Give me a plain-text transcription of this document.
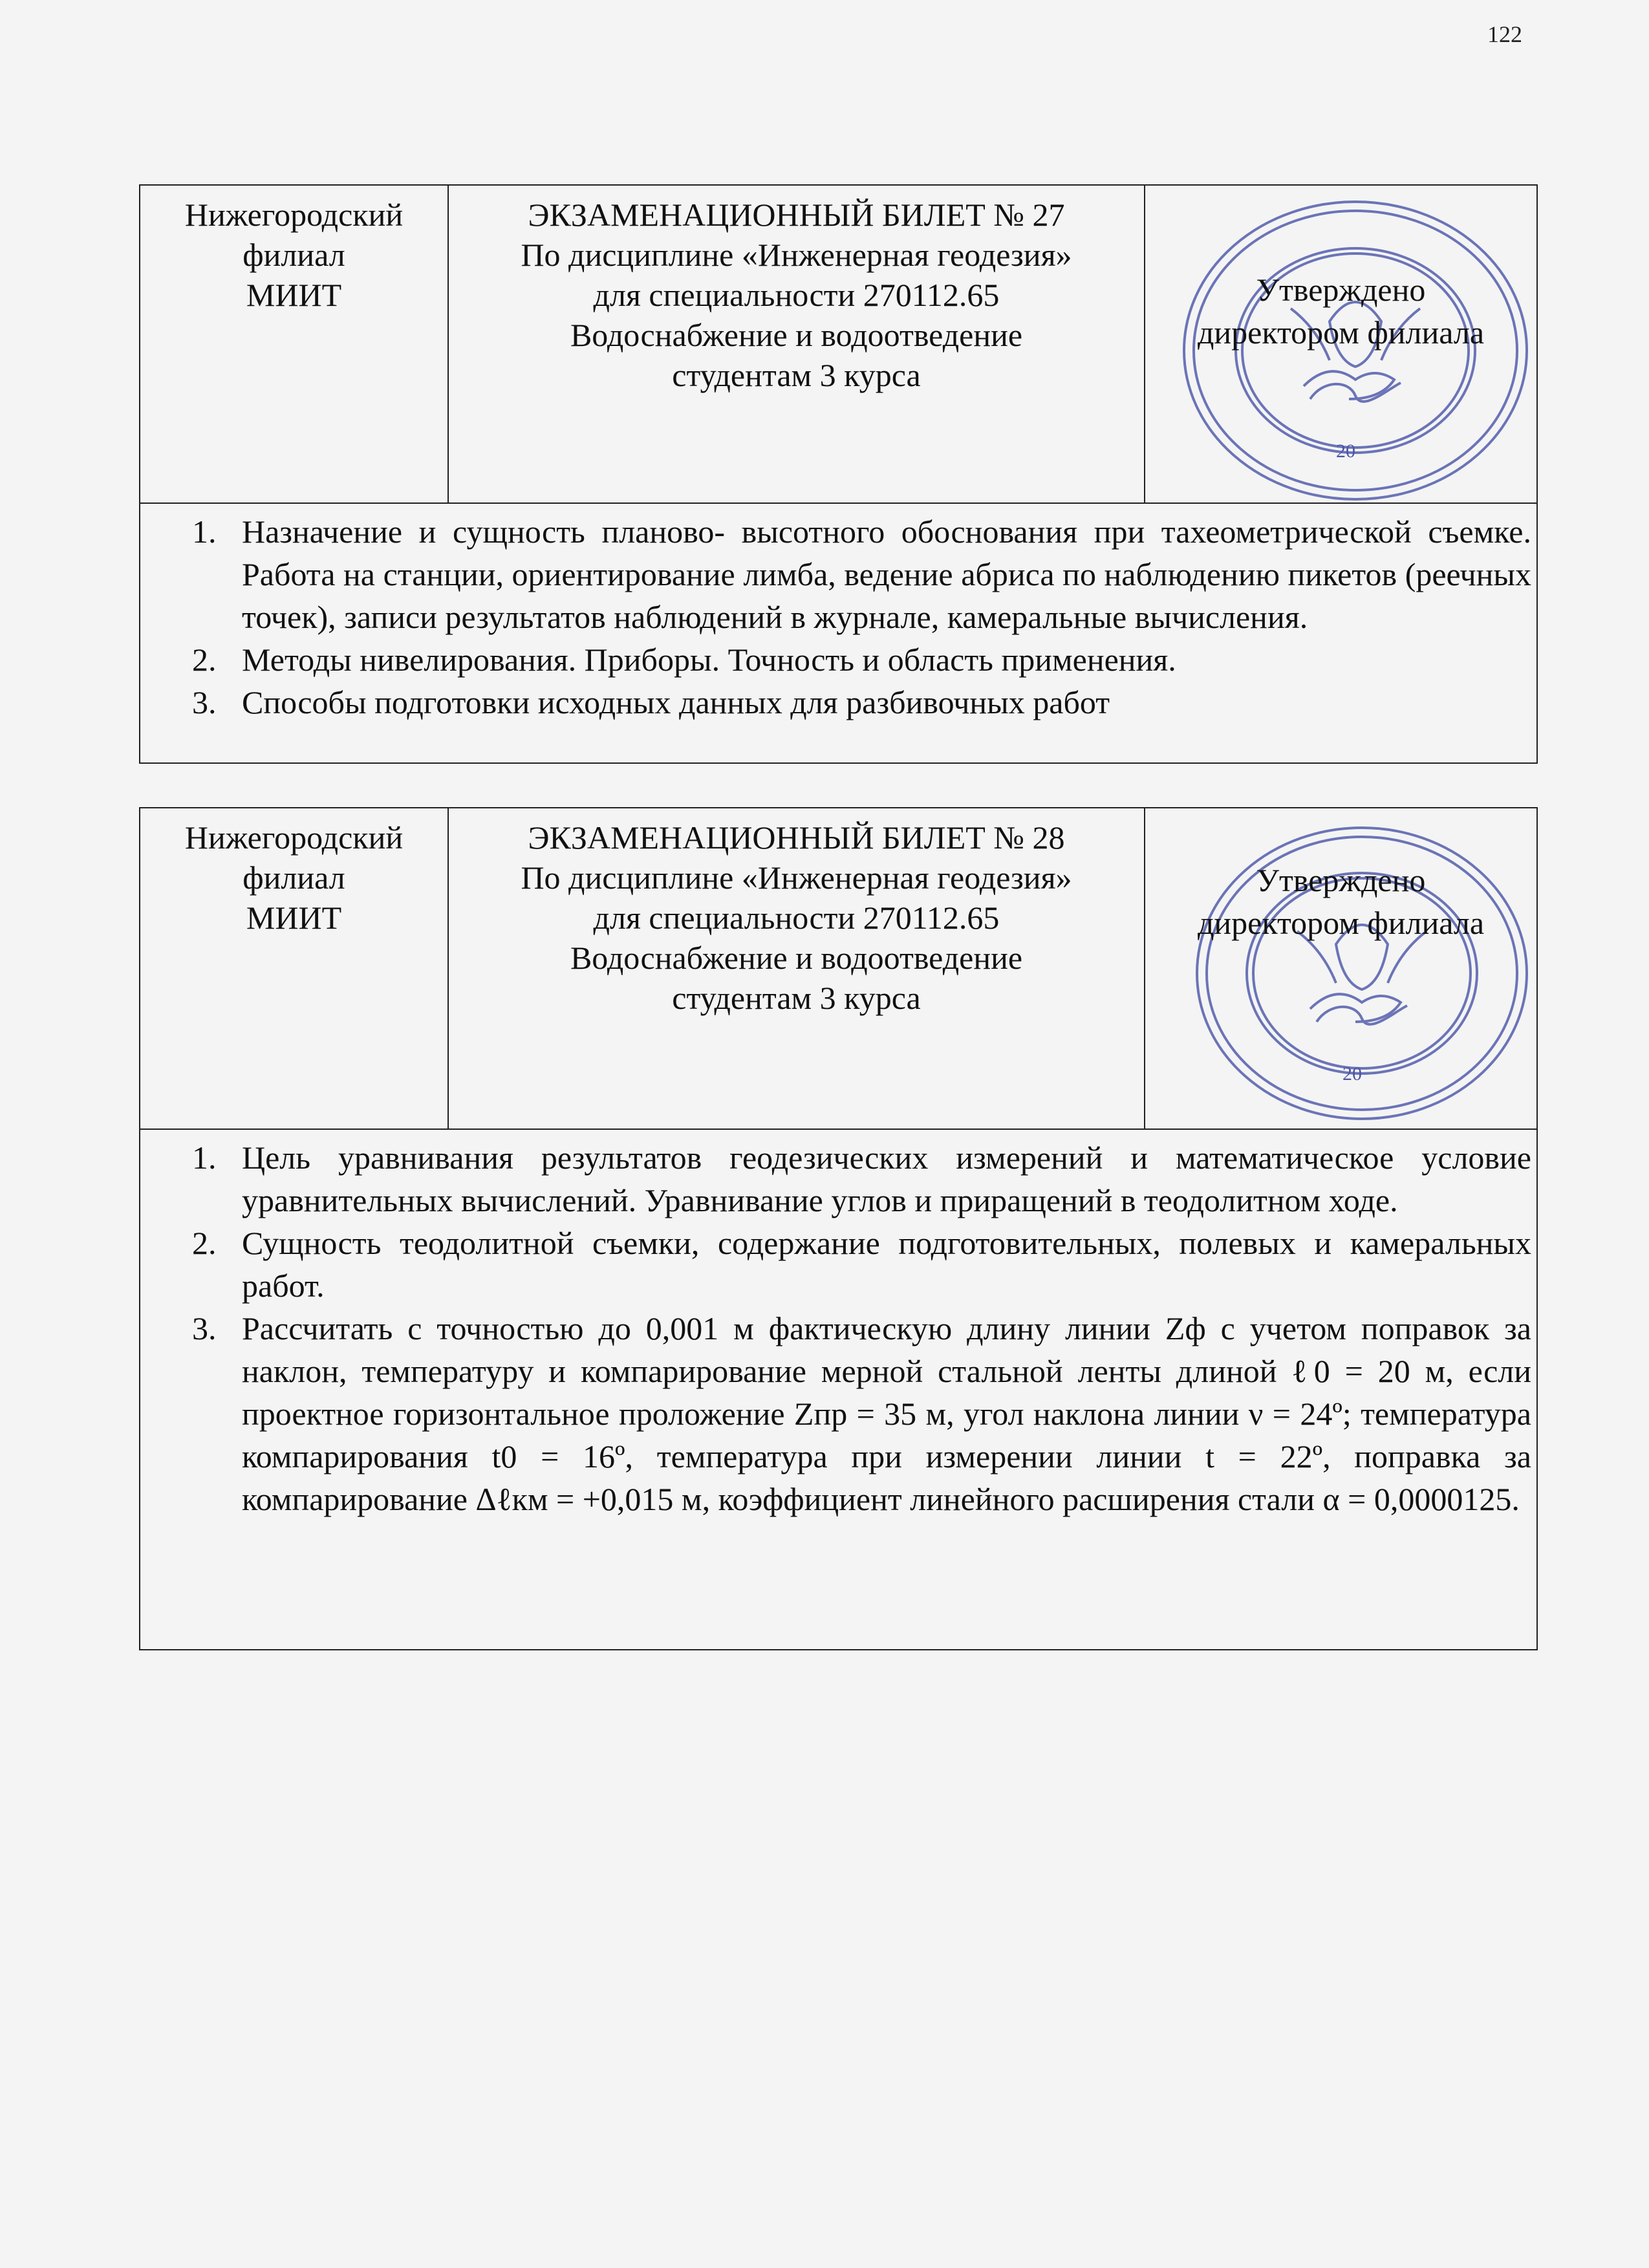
122
Нижегородский
филиал
МИИТ

ЭКЗАМЕНАЦИОННЫЙ БИЛЕТ № 27
По дисциплине «Инженерная геодезия»
для специальности 270112.65
Водоснабжение и водоотведение
студентам 3 курса

20
Утверждено
директором филиала

1. Назначение и сущность планово- высотного обоснования при тахеометрической съемке. Работа на станции, ориентирование лимба, ведение абриса по наблюдению пикетов (реечных точек), записи результатов наблюдений в журнале, камеральные вычисления.
2. Методы нивелирования. Приборы. Точность и область применения.
3. Способы подготовки исходных данных для разбивочных работ
Нижегородский
филиал
МИИТ

ЭКЗАМЕНАЦИОННЫЙ БИЛЕТ № 28
По дисциплине «Инженерная геодезия»
для специальности 270112.65
Водоснабжение и водоотведение
студентам 3 курса

20
Утверждено
директором филиала

1. Цель уравнивания результатов геодезических измерений и математическое условие уравнительных вычислений. Уравнивание углов и приращений в теодолитном ходе.
2. Сущность теодолитной съемки, содержание подготовительных, полевых и камеральных работ.
3. Рассчитать с точностью до 0,001 м фактическую длину линии Zф с учетом поправок за наклон, температуру и компарирование мерной стальной ленты длиной ℓ0 = 20 м, если проектное горизонтальное проложение Zпр = 35 м, угол наклона линии ν = 24º; температура компарирования t0 = 16º, температура при измерении линии t = 22º, поправка за компарирование Δℓкм = +0,015 м, коэффициент линейного расширения стали α = 0,0000125.
